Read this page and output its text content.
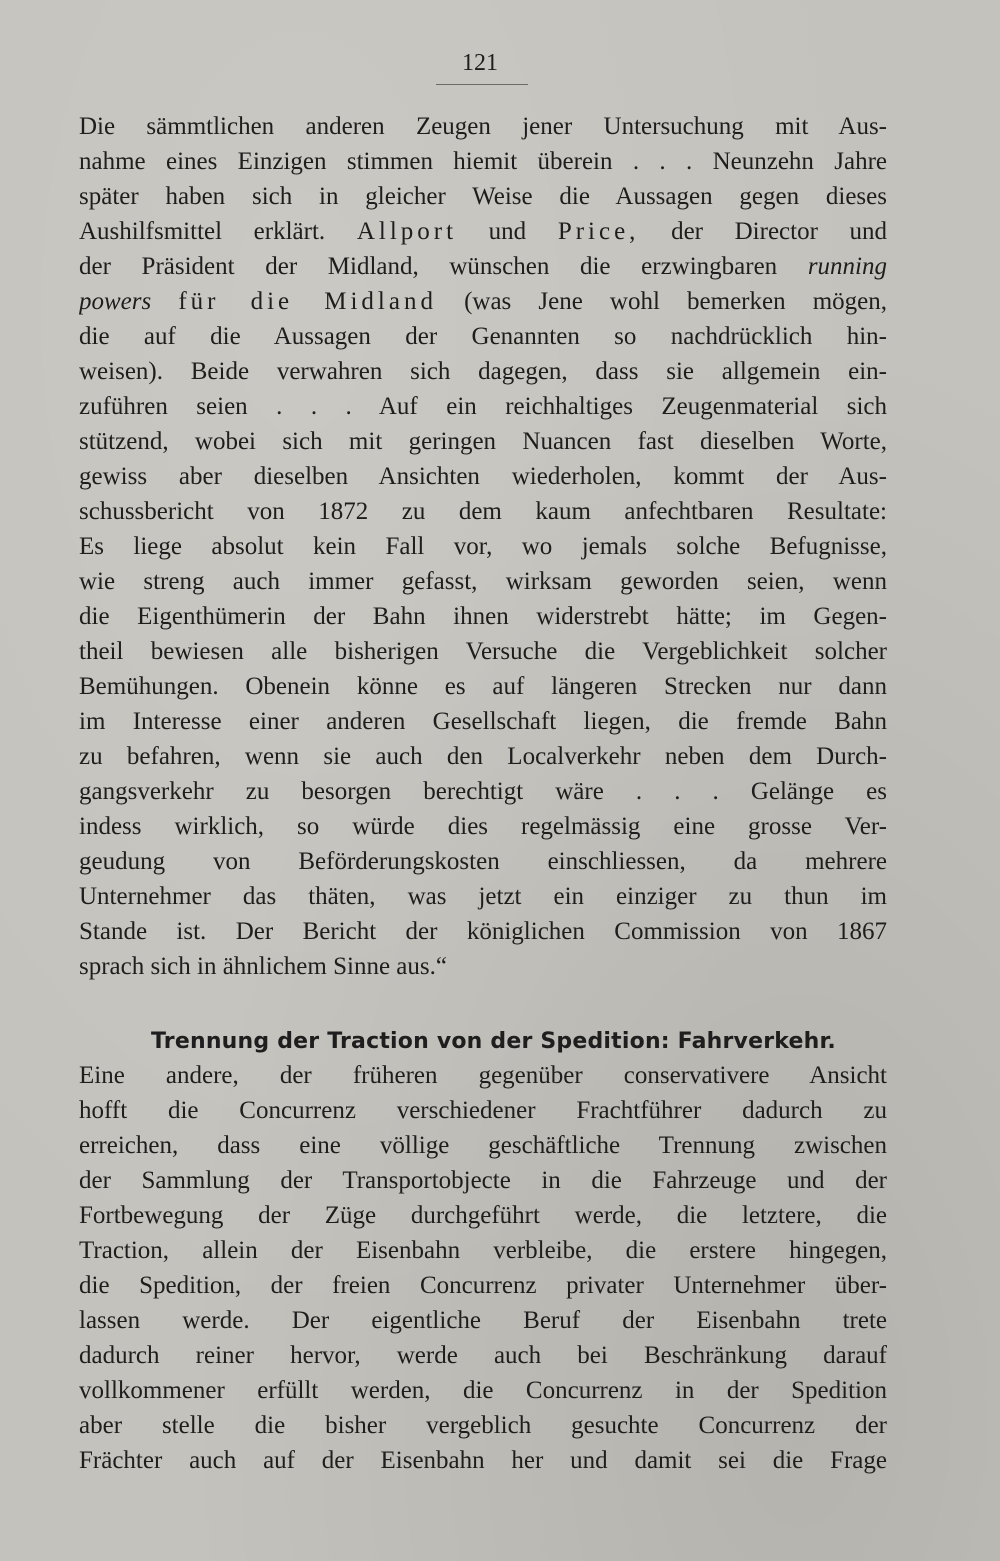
121
Die sämmtlichen anderen Zeugen jener Untersuchung mit Aus-
nahme eines Einzigen stimmen hiemit überein . . . Neunzehn Jahre
später haben sich in gleicher Weise die Aussagen gegen dieses
Aushilfsmittel erklärt. Allport und Price, der Director und
der Präsident der Midland, wünschen die erzwingbaren running
powers für die Midland (was Jene wohl bemerken mögen,
die auf die Aussagen der Genannten so nachdrücklich hin-
weisen). Beide verwahren sich dagegen, dass sie allgemein ein-
zuführen seien . . . Auf ein reichhaltiges Zeugenmaterial sich
stützend, wobei sich mit geringen Nuancen fast dieselben Worte,
gewiss aber dieselben Ansichten wiederholen, kommt der Aus-
schussbericht von 1872 zu dem kaum anfechtbaren Resultate:
Es liege absolut kein Fall vor, wo jemals solche Befugnisse,
wie streng auch immer gefasst, wirksam geworden seien, wenn
die Eigenthümerin der Bahn ihnen widerstrebt hätte; im Gegen-
theil bewiesen alle bisherigen Versuche die Vergeblichkeit solcher
Bemühungen. Obenein könne es auf längeren Strecken nur dann
im Interesse einer anderen Gesellschaft liegen, die fremde Bahn
zu befahren, wenn sie auch den Localverkehr neben dem Durch-
gangsverkehr zu besorgen berechtigt wäre . . . Gelänge es
indess wirklich, so würde dies regelmässig eine grosse Ver-
geudung von Beförderungskosten einschliessen, da mehrere
Unternehmer das thäten, was jetzt ein einziger zu thun im
Stande ist. Der Bericht der königlichen Commission von 1867
sprach sich in ähnlichem Sinne aus.“
Trennung der Traction von der Spedition: Fahrverkehr.
Eine andere, der früheren gegenüber conservativere Ansicht
hofft die Concurrenz verschiedener Frachtführer dadurch zu
erreichen, dass eine völlige geschäftliche Trennung zwischen
der Sammlung der Transportobjecte in die Fahrzeuge und der
Fortbewegung der Züge durchgeführt werde, die letztere, die
Traction, allein der Eisenbahn verbleibe, die erstere hingegen,
die Spedition, der freien Concurrenz privater Unternehmer über-
lassen werde. Der eigentliche Beruf der Eisenbahn trete
dadurch reiner hervor, werde auch bei Beschränkung darauf
vollkommener erfüllt werden, die Concurrenz in der Spedition
aber stelle die bisher vergeblich gesuchte Concurrenz der
Frächter auch auf der Eisenbahn her und damit sei die Frage
